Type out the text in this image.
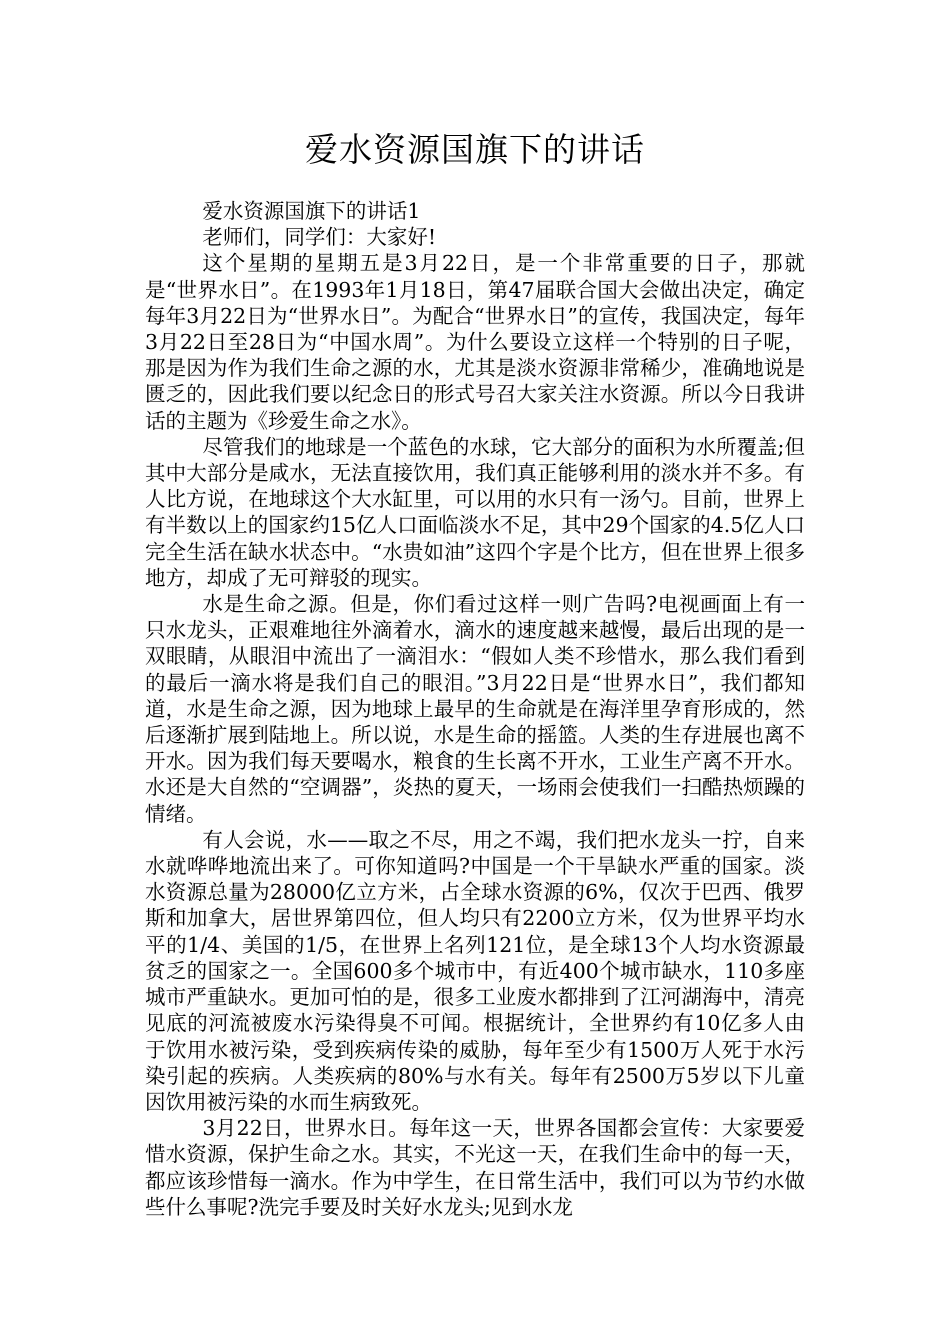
爱水资源国旗下的讲话

爱水资源国旗下的讲话1

老师们，同学们：大家好!

这个星期的星期五是3月22日，是一个非常重要的日子，那就是“世界水日”。在1993年1月18日，第47届联合国大会做出决定，确定每年3月22日为“世界水日”。为配合“世界水日”的宣传，我国决定，每年3月22日至28日为“中国水周”。为什么要设立这样一个特别的日子呢，那是因为作为我们生命之源的水，尤其是淡水资源非常稀少，准确地说是匮乏的，因此我们要以纪念日的形式号召大家关注水资源。所以今日我讲话的主题为《珍爱生命之水》。

尽管我们的地球是一个蓝色的水球，它大部分的面积为水所覆盖;但其中大部分是咸水，无法直接饮用，我们真正能够利用的淡水并不多。有人比方说，在地球这个大水缸里，可以用的水只有一汤勺。目前，世界上有半数以上的国家约15亿人口面临淡水不足，其中29个国家的4.5亿人口完全生活在缺水状态中。“水贵如油”这四个字是个比方，但在世界上很多地方，却成了无可辩驳的现实。

水是生命之源。但是，你们看过这样一则广告吗?电视画面上有一只水龙头，正艰难地往外滴着水，滴水的速度越来越慢，最后出现的是一双眼睛，从眼泪中流出了一滴泪水：“假如人类不珍惜水，那么我们看到的最后一滴水将是我们自己的眼泪。”3月22日是“世界水日”，我们都知道，水是生命之源，因为地球上最早的生命就是在海洋里孕育形成的，然后逐渐扩展到陆地上。所以说，水是生命的摇篮。人类的生存进展也离不开水。因为我们每天要喝水，粮食的生长离不开水，工业生产离不开水。水还是大自然的“空调器”，炎热的夏天，一场雨会使我们一扫酷热烦躁的情绪。

有人会说，水——取之不尽，用之不竭，我们把水龙头一拧，自来水就哗哗地流出来了。可你知道吗?中国是一个干旱缺水严重的国家。淡水资源总量为28000亿立方米，占全球水资源的6%，仅次于巴西、俄罗斯和加拿大，居世界第四位，但人均只有2200立方米，仅为世界平均水平的1/4、美国的1/5，在世界上名列121位，是全球13个人均水资源最贫乏的国家之一。全国600多个城市中，有近400个城市缺水，110多座城市严重缺水。更加可怕的是，很多工业废水都排到了江河湖海中，清亮见底的河流被废水污染得臭不可闻。根据统计，全世界约有10亿多人由于饮用水被污染，受到疾病传染的威胁，每年至少有1500万人死于水污染引起的疾病。人类疾病的80%与水有关。每年有2500万5岁以下儿童因饮用被污染的水而生病致死。

3月22日，世界水日。每年这一天，世界各国都会宣传：大家要爱惜水资源，保护生命之水。其实，不光这一天，在我们生命中的每一天，都应该珍惜每一滴水。作为中学生，在日常生活中，我们可以为节约水做些什么事呢?洗完手要及时关好水龙头;见到水龙
